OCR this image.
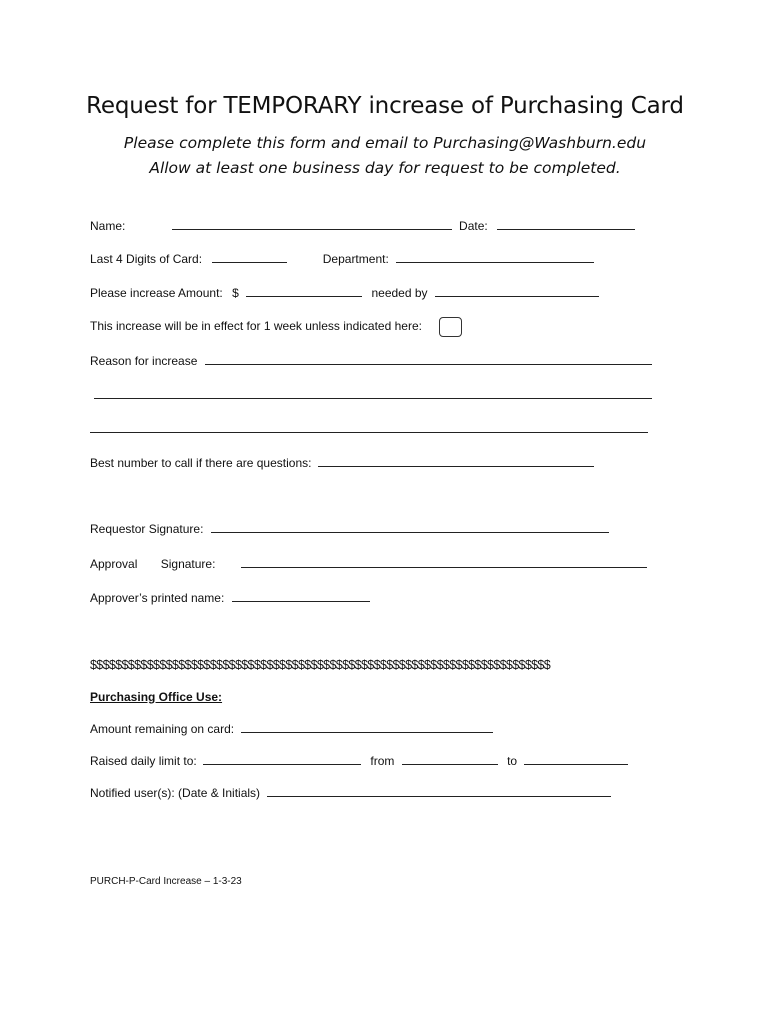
Request for TEMPORARY increase of Purchasing Card
Please complete this form and email to Purchasing@Washburn.edu
Allow at least one business day for request to be completed.
Name:	Date:
Last 4 Digits of Card:	Department:
Please increase Amount: $	needed by
This increase will be in effect for 1 week unless indicated here:
Reason for increase
Best number to call if there are questions:
Requestor Signature:
Approval Signature:
Approver’s printed name:
$$$$$$$$$$$$$$$$$$$$$$$$$$$$$$$$$$$$$$$$$$$$$$$$$$$$$$$$$$$$$$$$$$$$$$$$$
Purchasing Office Use:
Amount remaining on card:
Raised daily limit to:	from	to
Notified user(s): (Date & Initials)
PURCH-P-Card Increase – 1-3-23
